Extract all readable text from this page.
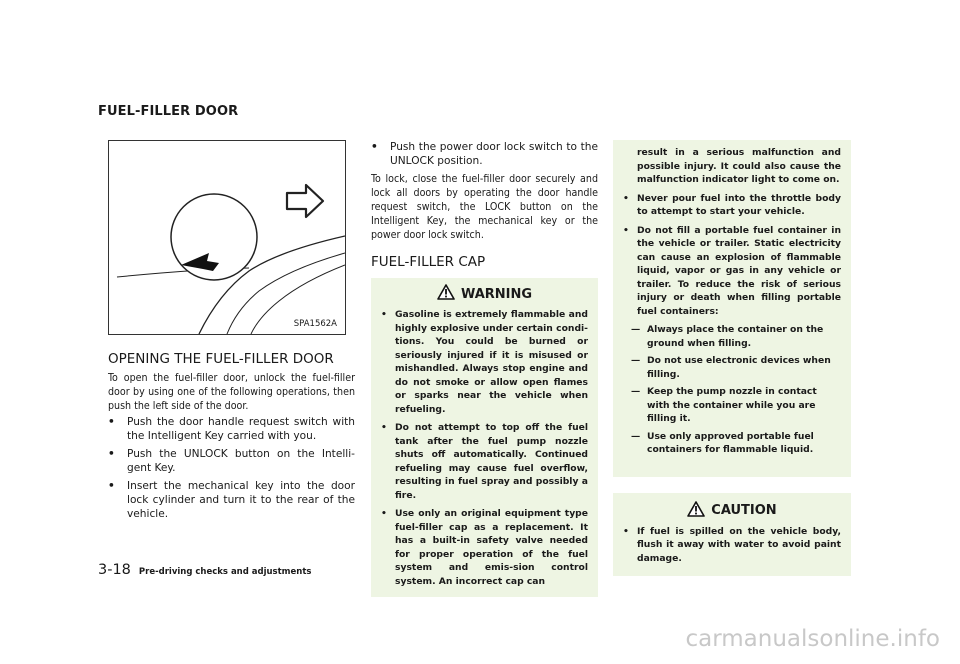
FUEL-FILLER DOOR
SPA1562A
OPENING THE FUEL-FILLER DOOR

To open the fuel-filler door, unlock the fuel-filler door by using one of the following operations, then push the left side of the door.

• Push the door handle request switch with the Intelligent Key carried with you.
• Push the UNLOCK button on the Intelli-gent Key.
• Insert the mechanical key into the door lock cylinder and turn it to the rear of the vehicle.
• Push the power door lock switch to the UNLOCK position.

To lock, close the fuel-filler door securely and lock all doors by operating the door handle request switch, the LOCK button on the Intelligent Key, the mechanical key or the power door lock switch.

FUEL-FILLER CAP
WARNING
• Gasoline is extremely flammable and highly explosive under certain condi-tions. You could be burned or seriously injured if it is misused or mishandled. Always stop engine and do not smoke or allow open flames or sparks near the vehicle when refueling.
• Do not attempt to top off the fuel tank after the fuel pump nozzle shuts off automatically. Continued refueling may cause fuel overflow, resulting in fuel spray and possibly a fire.
• Use only an original equipment type fuel-filler cap as a replacement. It has a built-in safety valve needed for proper operation of the fuel system and emis-sion control system. An incorrect cap can
result in a serious malfunction and possible injury. It could also cause the malfunction indicator light to come on.
• Never pour fuel into the throttle body to attempt to start your vehicle.
• Do not fill a portable fuel container in the vehicle or trailer. Static electricity can cause an explosion of flammable liquid, vapor or gas in any vehicle or trailer. To reduce the risk of serious injury or death when filling portable fuel containers:
— Always place the container on the ground when filling.
— Do not use electronic devices when filling.
— Keep the pump nozzle in contact with the container while you are filling it.
— Use only approved portable fuel containers for flammable liquid.
CAUTION
• If fuel is spilled on the vehicle body, flush it away with water to avoid paint damage.
3-18 Pre-driving checks and adjustments
carmanualsonline.info
